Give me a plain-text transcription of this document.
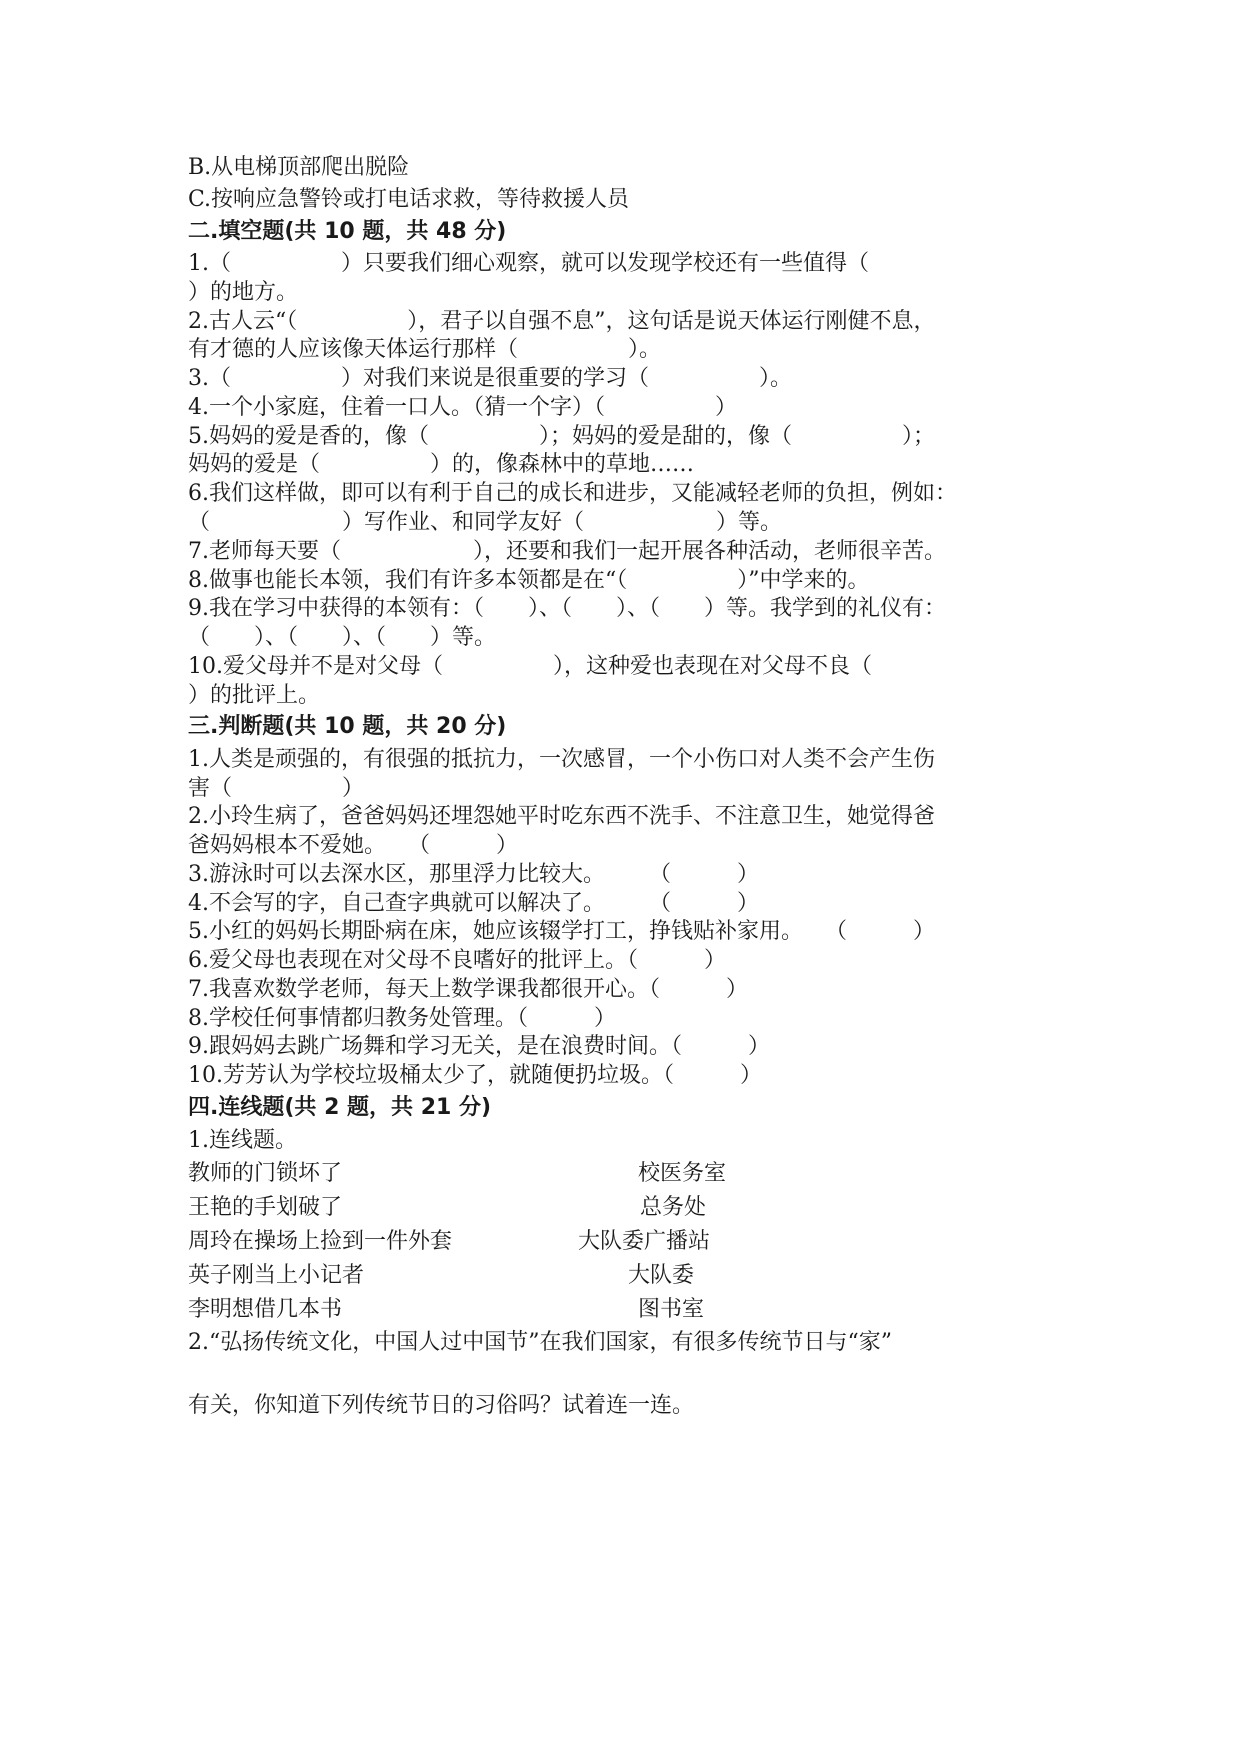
B.从电梯顶部爬出脱险
C.按响应急警铃或打电话求救，等待救援人员
二.填空题(共 10 题，共 48 分)
1.（　　　　　）只要我们细心观察，就可以发现学校还有一些值得（
）的地方。
2.古人云“（　　　　　），君子以自强不息”，这句话是说天体运行刚健不息，
有才德的人应该像天体运行那样（　　　　　）。
3.（　　　　　）对我们来说是很重要的学习（　　　　　）。
4.一个小家庭，住着一口人。（猜一个字）（　　　　　）
5.妈妈的爱是香的，像（　　　　　）；妈妈的爱是甜的，像（　　　　　）；
妈妈的爱是（　　　　　）的，像森林中的草地……
6.我们这样做，即可以有利于自己的成长和进步，又能减轻老师的负担，例如：
（　　　　　　）写作业、和同学友好（　　　　　　）等。
7.老师每天要（　　　　　　），还要和我们一起开展各种活动，老师很辛苦。
8.做事也能长本领，我们有许多本领都是在“（　　　　　）”中学来的。
9.我在学习中获得的本领有：（　　）、（　　）、（　　）等。我学到的礼仪有：
（　　）、（　　）、（　　）等。
10.爱父母并不是对父母（　　　　　），这种爱也表现在对父母不良（
）的批评上。
三.判断题(共 10 题，共 20 分)
1.人类是顽强的，有很强的抵抗力，一次感冒，一个小伤口对人类不会产生伤
害（　　　　　）
2.小玲生病了，爸爸妈妈还埋怨她平时吃东西不洗手、不注意卫生，她觉得爸
爸妈妈根本不爱她。　　（　　　）
3.游泳时可以去深水区，那里浮力比较大。　　　（　　　）
4.不会写的字，自己查字典就可以解决了。　　　（　　　）
5.小红的妈妈长期卧病在床，她应该辍学打工，挣钱贴补家用。　　（　　　）
6.爱父母也表现在对父母不良嗜好的批评上。（　　　）
7.我喜欢数学老师，每天上数学课我都很开心。（　　　）
8.学校任何事情都归教务处管理。（　　　）
9.跟妈妈去跳广场舞和学习无关，是在浪费时间。（　　　）
10.芳芳认为学校垃圾桶太少了，就随便扔垃圾。（　　　）
四.连线题(共 2 题，共 21 分)
1.连线题。
教师的门锁坏了	校医务室
王艳的手划破了	总务处
周玲在操场上捡到一件外套	大队委广播站
英子刚当上小记者	大队委
李明想借几本书	图书室
2.“弘扬传统文化，中国人过中国节”在我们国家，有很多传统节日与“家”
有关，你知道下列传统节日的习俗吗？试着连一连。
